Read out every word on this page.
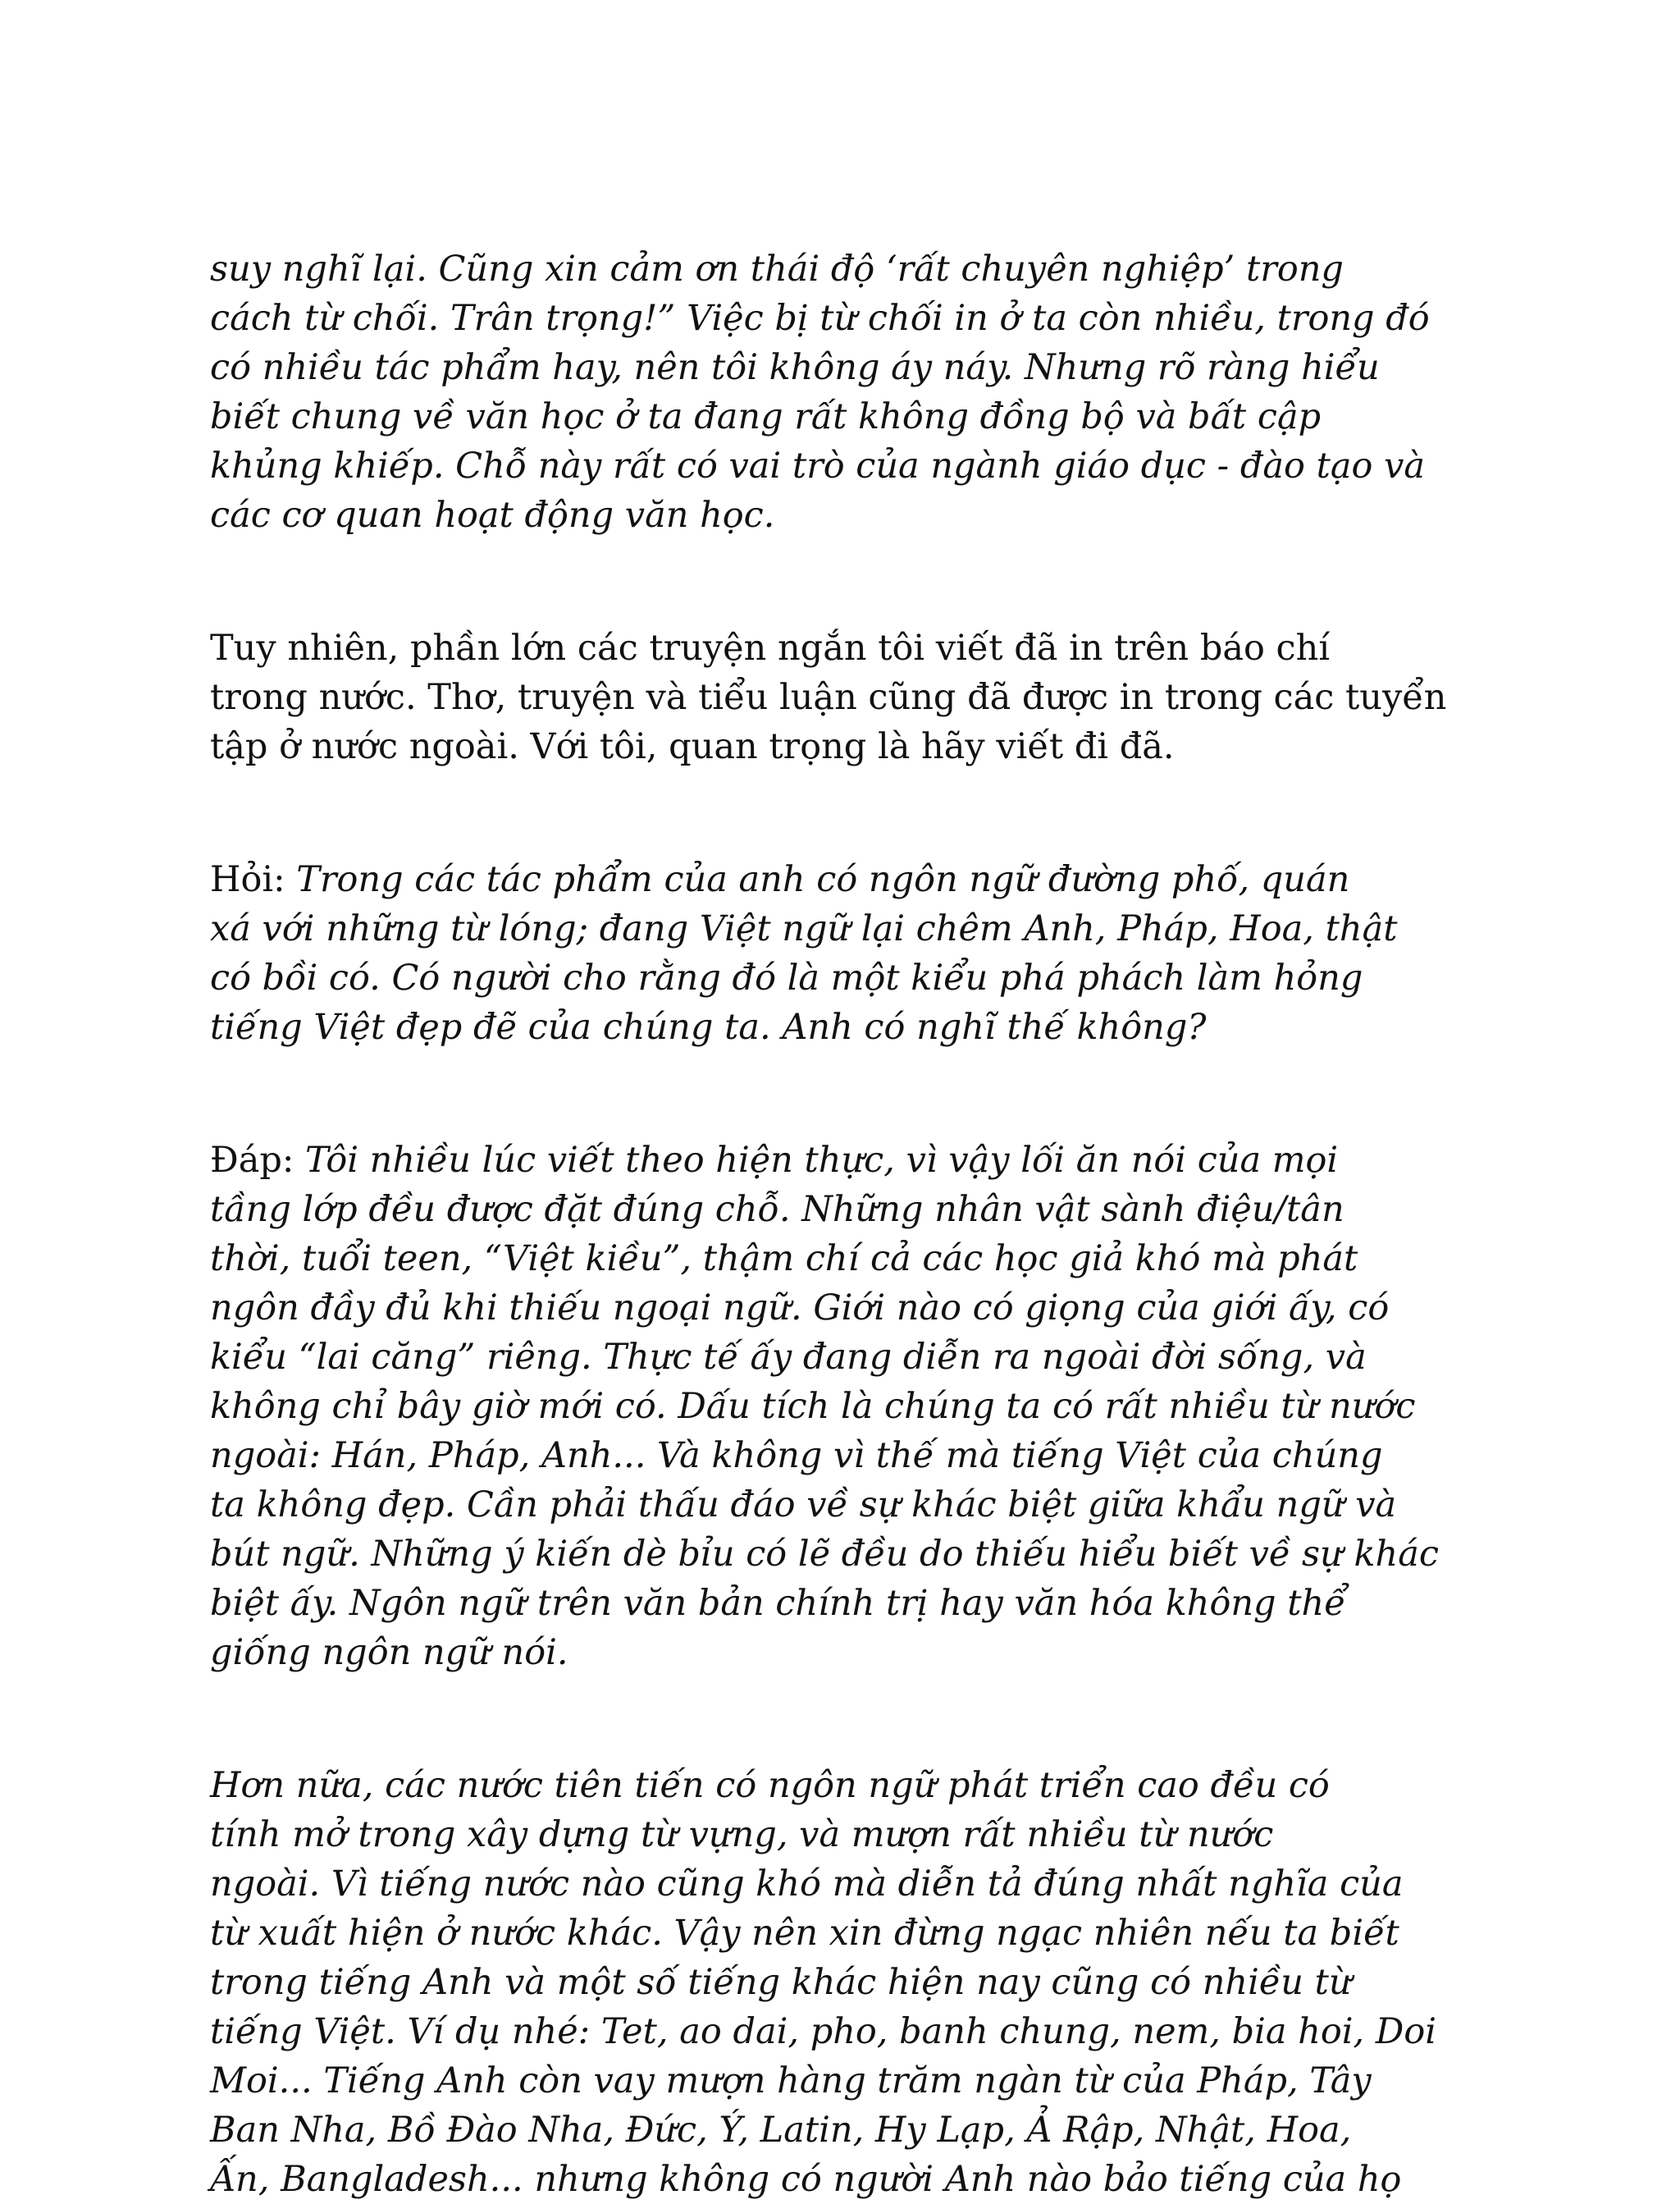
suy nghĩ lại. Cũng xin cảm ơn thái độ ‘rất chuyên nghiệp’ trong
cách từ chối. Trân trọng!” Việc bị từ chối in ở ta còn nhiều, trong đó
có nhiều tác phẩm hay, nên tôi không áy náy. Nhưng rõ ràng hiểu
biết chung về văn học ở ta đang rất không đồng bộ và bất cập
khủng khiếp. Chỗ này rất có vai trò của ngành giáo dục - đào tạo và
các cơ quan hoạt động văn học.

Tuy nhiên, phần lớn các truyện ngắn tôi viết đã in trên báo chí
trong nước. Thơ, truyện và tiểu luận cũng đã được in trong các tuyển
tập ở nước ngoài. Với tôi, quan trọng là hãy viết đi đã.

Hỏi: Trong các tác phẩm của anh có ngôn ngữ đường phố, quán
xá với những từ lóng; đang Việt ngữ lại chêm Anh, Pháp, Hoa, thật
có bồi có. Có người cho rằng đó là một kiểu phá phách làm hỏng
tiếng Việt đẹp đẽ của chúng ta. Anh có nghĩ thế không?

Đáp: Tôi nhiều lúc viết theo hiện thực, vì vậy lối ăn nói của mọi
tầng lớp đều được đặt đúng chỗ. Những nhân vật sành điệu/tân
thời, tuổi teen, “Việt kiều”, thậm chí cả các học giả khó mà phát
ngôn đầy đủ khi thiếu ngoại ngữ. Giới nào có giọng của giới ấy, có
kiểu “lai căng” riêng. Thực tế ấy đang diễn ra ngoài đời sống, và
không chỉ bây giờ mới có. Dấu tích là chúng ta có rất nhiều từ nước
ngoài: Hán, Pháp, Anh... Và không vì thế mà tiếng Việt của chúng
ta không đẹp. Cần phải thấu đáo về sự khác biệt giữa khẩu ngữ và
bút ngữ. Những ý kiến dè bỉu có lẽ đều do thiếu hiểu biết về sự khác
biệt ấy. Ngôn ngữ trên văn bản chính trị hay văn hóa không thể
giống ngôn ngữ nói.

Hơn nữa, các nước tiên tiến có ngôn ngữ phát triển cao đều có
tính mở trong xây dựng từ vựng, và mượn rất nhiều từ nước
ngoài. Vì tiếng nước nào cũng khó mà diễn tả đúng nhất nghĩa của
từ xuất hiện ở nước khác. Vậy nên xin đừng ngạc nhiên nếu ta biết
trong tiếng Anh và một số tiếng khác hiện nay cũng có nhiều từ
tiếng Việt. Ví dụ nhé: Tet, ao dai, pho, banh chung, nem, bia hoi, Doi
Moi... Tiếng Anh còn vay mượn hàng trăm ngàn từ của Pháp, Tây
Ban Nha, Bồ Đào Nha, Đức, Ý, Latin, Hy Lạp, Ả Rập, Nhật, Hoa,
Ấn, Bangladesh... nhưng không có người Anh nào bảo tiếng của họ
